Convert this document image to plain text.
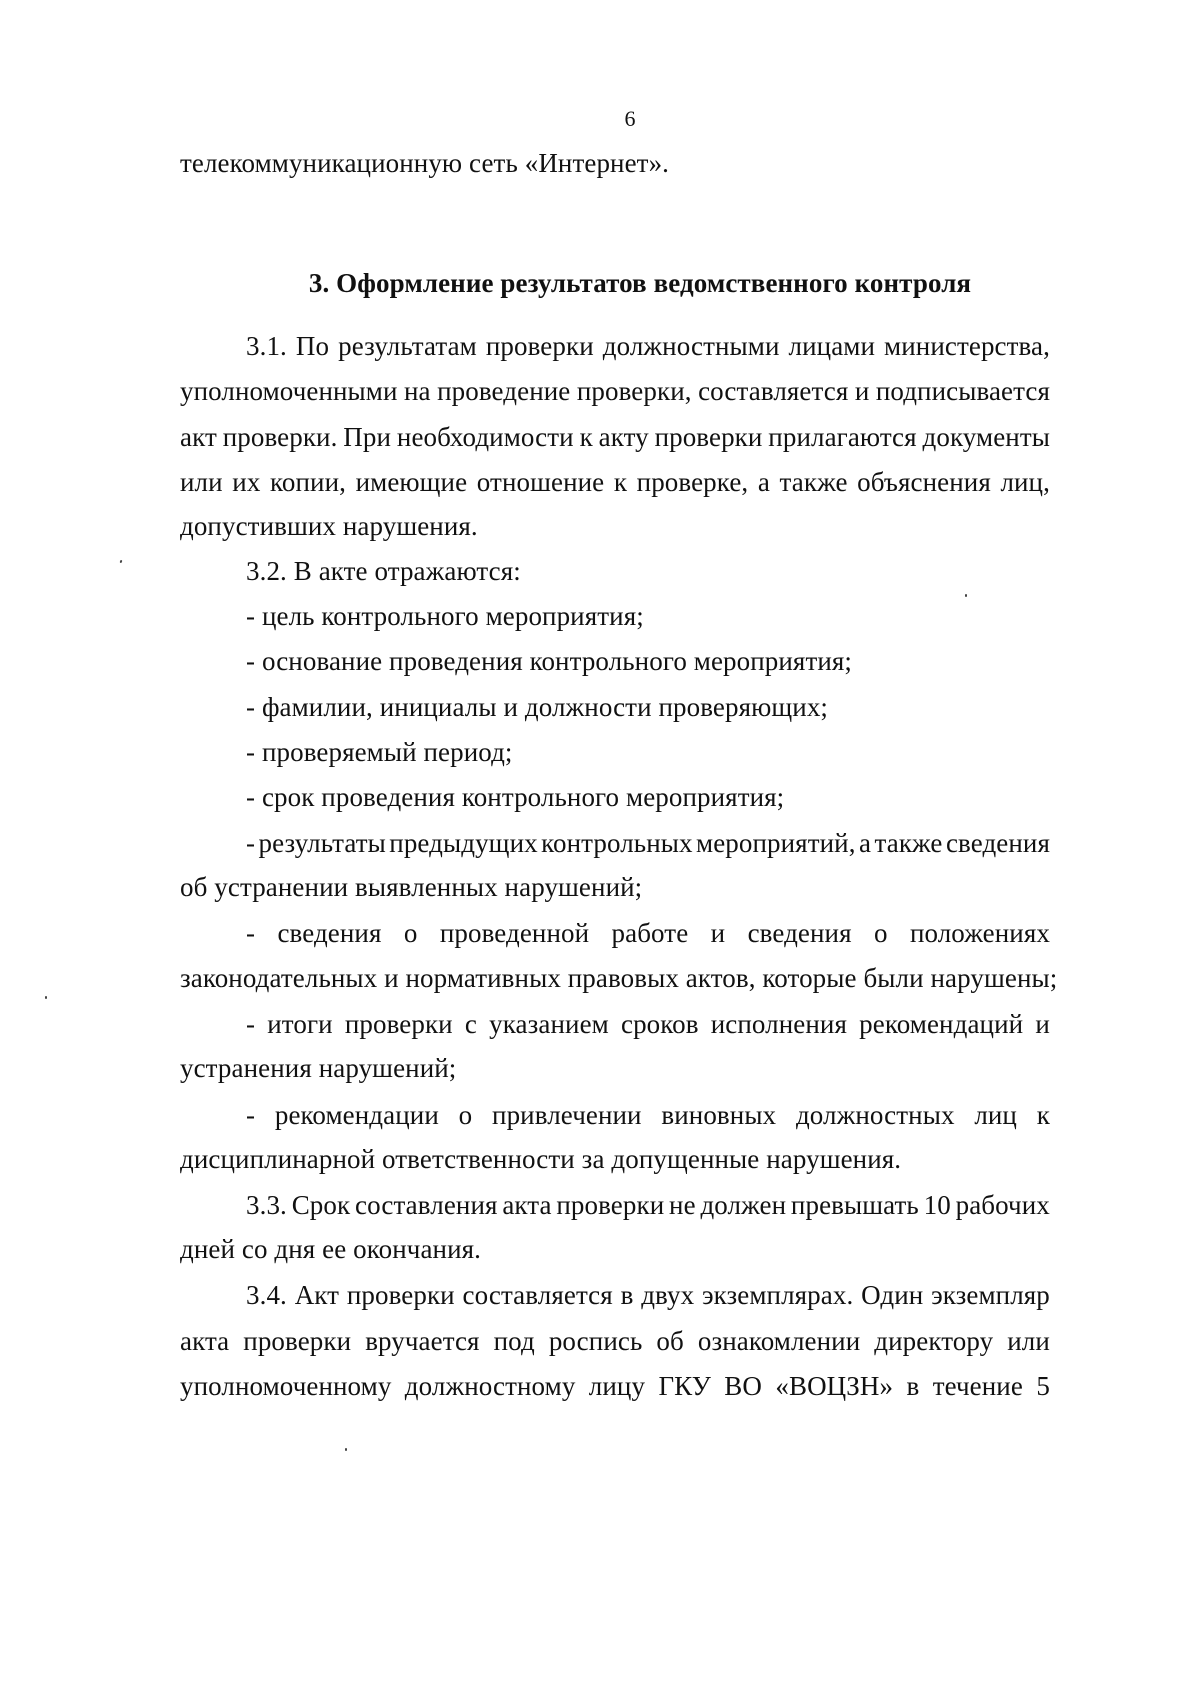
6
телекоммуникационную сеть «Интернет».
3. Оформление результатов ведомственного контроля
3.1. По результатам проверки должностными лицами министерства,
уполномоченными на проведение проверки, составляется и подписывается
акт проверки. При необходимости к акту проверки прилагаются документы
или их копии, имеющие отношение к проверке, а также объяснения лиц,
допустивших нарушения.
3.2. В акте отражаются:
- цель контрольного мероприятия;
- основание проведения контрольного мероприятия;
- фамилии, инициалы и должности проверяющих;
- проверяемый период;
- срок проведения контрольного мероприятия;
- результаты предыдущих контрольных мероприятий, а также сведения
об устранении выявленных нарушений;
- сведения о проведенной работе и сведения о положениях
законодательных и нормативных правовых актов, которые были нарушены;
- итоги проверки с указанием сроков исполнения рекомендаций и
устранения нарушений;
- рекомендации о привлечении виновных должностных лиц к
дисциплинарной ответственности за допущенные нарушения.
3.3. Срок составления акта проверки не должен превышать 10 рабочих
дней со дня ее окончания.
3.4. Акт проверки составляется в двух экземплярах. Один экземпляр
акта проверки вручается под роспись об ознакомлении директору или
уполномоченному должностному лицу ГКУ ВО «ВОЦЗН» в течение 5
